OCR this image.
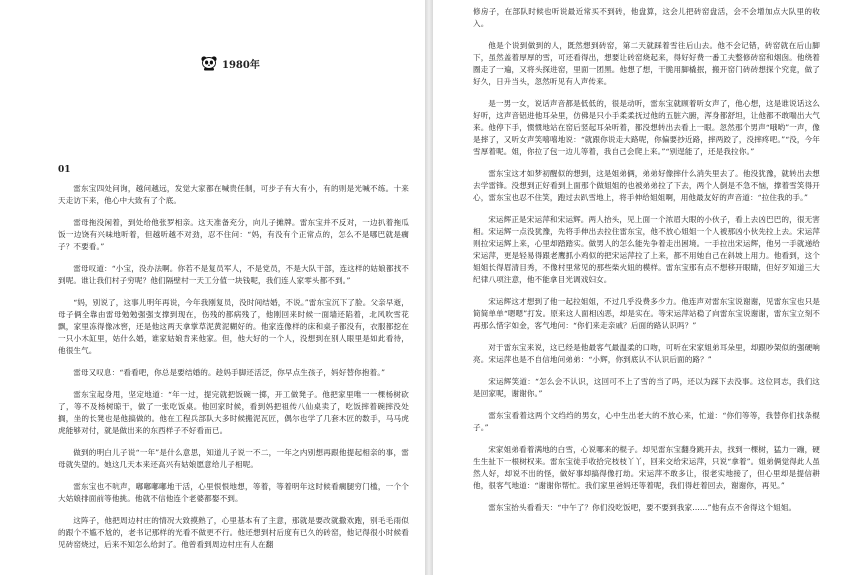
1980年
01

雷东宝四处问询，越问越远，发觉大家都在喊贵任制，可步子有大有小，有的则是光喊不练。十来天走访下来，他心中大致有了个底。

雷母拖没闲着，到处给他张罗相亲。这天准备充分，向儿子摊牌。雷东宝并不反对，一边扒着拖瓜饭一边饶有兴味地听着，但越听越不对劲，忍不住问：“妈，有没有个正常点的，怎么不是哪巴就是瘸子？不要看。”

雷母叹道：“小宝，没办法啊。你若不是复员军人，不是党员，不是大队干部，连这样的姑娘都找不到呢。谁让我们村子穷呢？他们隔壁村一天工分值一块钱呢，我们连人家零头都不到。”

“妈，别说了，这事儿明年再说，今年我刚复员，没时间结婚，不说。”雷东宝沉下了脸。父亲早逝，母子俩全靠由雷母勉勉强强支撑到现在，伤残的都病残了，他刚回来时候一面墙还陷着，北风吹雪花飘，家里冻得像冰窖，还是他这两天拿掌草泥黄泥糊好的。他家连像样的床和桌子都没有，衣服都挖在一只小木缸里，姑什么婚，谁家姑娘肯来他家。但，他大好的一个人，没想到在别人眼里是如此看待，他很生气。

雷母又叹息：“看看吧，你总是要结婚的。趁妈手脚还活泛，你早点生孩子，妈好替你抱着。”

雷东宝起身甩，坚定地道：“年一过，提完就把饭碗一掷，开工做凳子。他把家里唯一一棵杨树砍了，等不及杨树晾干，做了一张吃饭桌。他回家时候，看到妈把祖传八仙桌卖了，吃饭摔着碗摔没处搁，坐的长凳也是他搞做的。他在工程兵部队大多时候搬泥瓦匠，偶尔也学了几套木匠的数手，马马虎虎能够对付，就是做出来的东西样子不好看而已。

做到的明白儿子说“一年”是什么意思，知道儿子说一不二，一年之内别想再跟他提起相亲的事，雷母就失望的。她这几天本来还高兴有姑娘愿意给儿子相呢。

雷东宝也不吭声，嘟嘟嘟嘟地干活，心里恨恨地想，等着，等着明年这时候看瘸腿穷门槛，一个个大姑娘排面前等他挑。他就不信他连个老婆都娶不到。

这阵子，他把周边村庄的情况大致摸熟了，心里基本有了主意，那就是要改就撒欢跑，别毛毛雨似的跟个不尴不尬的，老书记那样的光看不做更不行。他还想到村后度有已久的砖窑，他记得很小时候看见砖窑烧过，后来不知怎么给封了。他曾看到周边村庄有人在翻

修房子，在部队时候也听说最近常买不到砖，他盘算，这会儿把砖窑盘活，会不会增加点大队里的收入。

他是个说到做到的人，既然想到砖窑，第二天就踩着雪往后山去。他不会记错，砖窑就在后山脚下，虽然盖着厚厚的雪，可还看得出，想要让砖窑烧起来，得好好费一番工夫整修砖窑和烟囱。他绕着圈走了一遍，又将头探进窑，里面一团黑。他想了想，干脆用脚橇抿，搬开窑门砖砖想探个究竟，做了好久，日升当头，忽然听见有人声传来。

是一男一女，说话声音都是低低的，很是动听，雷东宝就顾着听女声了，他心想，这是谁说话这么好听，这声音铝进他耳朵里，仿佛是只小手柔柔抚过他的五脏六腑，浑身都舒坦，让他都不敢喘出大气来。他停下手，惯惯地站在窑后竖起耳朵听着，都没想转出去看上一眼。忽然那个男声“哦哟”一声，像是摔了，又听女声笑嘻嘻地说：“就跟你说走大路呢，你偏要抄近路，摔两跤了，没摔疼吧。”“没，今年雪厚着呢。姐，你拉了包一边儿等着，我自己会爬上来。”“别逞能了，还是我拉你。”

雷东宝这才如梦初醒似的想到，这是姐弟俩，弟弟好像摔什么消失里去了。他没犹豫，就转出去想去学雷锋。没想到正好看到上面那个做姐姐的也被弟弟拉了下去，两个人倒是不急不恼，撑着雪笑得开心，雷东宝也忍不住笑，跑过去趴雪地上，将手伸给姐姐啊，用他最友好的声音道：“拉住我的手。”

宋运辉正是宋运萍和宋运辉。两人抬头，见上面一个浓眉大眼的小伙子，看上去凶巴巴的，很无害相。宋运辉一点没犹豫，先将手伸出去拉住雷东宝，他不放心姐姐一个人被那凶小伙先拉上去。宋运萍则拉宋运辉上来，心里却踏踏实。做男人的怎么能先争着走出困境。一手拉出宋运辉，他另一手就递给宋运萍，更是轻易得跟老鹰抓小鸡似的把宋运萍拉了上来，都不用她自己在斜坡上用力。他看到，这个姐姐长得眉清目秀，不像村里常见的那些柴火妞的模样。雷东宝那有点不想移开眼睛，但好歹知道三大纪律八项注意，他不能拿目光调戏妇女。

宋运辉这才想到了他一起拉姐姐，不过几乎没费多少力。他连声对雷东宝说谢谢，见雷东宝也只是简简单单“嗯嗯”打发。原来这人面相凶恶，却是实在。等宋运萍站稳了向雷东宝说谢谢，雷东宝立刻不再那么惜字如金，客气地问：“你们来走亲戚？后面的路认识吗？”

对于雷东宝来说，这已经是他最客气最温柔的口吻，可听在宋家姐弟耳朵里，却跟吵架似的强硬响亮。宋运萍也是不自信地问弟弟：“小辉，你到底认不认识后面的路？”

宋运辉笑道：“怎么会不认识，这回可不上了雪的当了吗，还以为踩下去没事。这位同志，我们这是回家呢，谢谢你。”

雷东宝看着这两个文绉绉的男女，心中生出老大的不放心来，忙道：“你们等等，我替你们找条棍子。”

宋家姐弟看着满地的白雪，心说哪来的棍子。却见雷东宝翻身跳开去，找到一棵树，猛力一蹦，硬生生扯下一根树权来。雷东宝徒手收拾完枝枝丫丫，回来交给宋运萍，只说“拿着”。姐弟俩觉得此人虽然人好，却说不出的怪，做好事却搞得像打劫。宋运萍不敢多让，很老实地接了，但心里却是提信耕他，很客气地道：“谢谢你帮忙。我们家里爸妈还等着呢，我们得赶着回去，谢谢你，再见。”

雷东宝抬头看看天：“中午了？你们没吃饭吧，要不要到我家……”他有点不舍得这个姐姐。
